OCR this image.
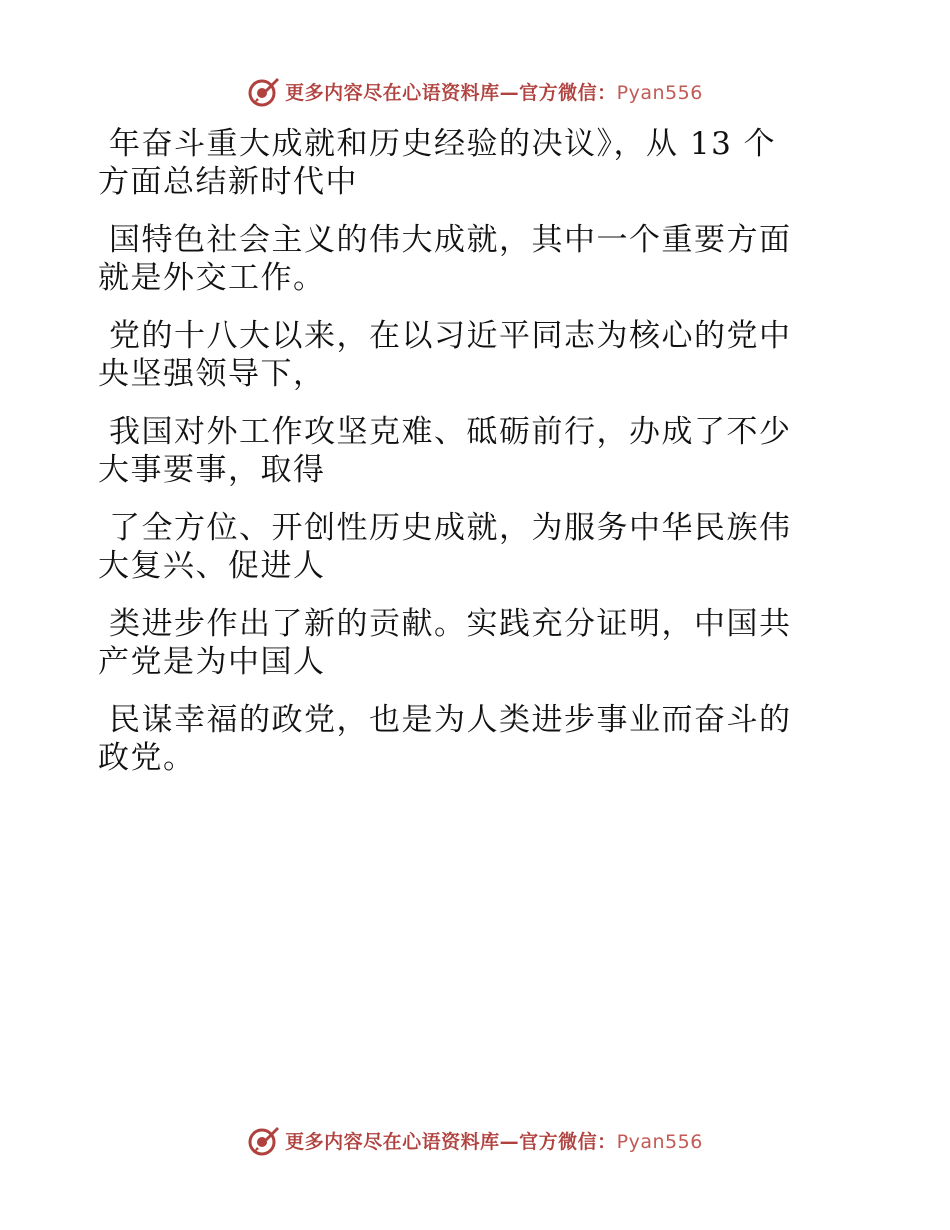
更多内容尽在心语资料库—官方微信：Pyan556
年奋斗重大成就和历史经验的决议》，从 13 个
方面总结新时代中
国特色社会主义的伟大成就，其中一个重要方面
就是外交工作。
党的十八大以来，在以习近平同志为核心的党中
央坚强领导下，
我国对外工作攻坚克难、砥砺前行，办成了不少
大事要事，取得
了全方位、开创性历史成就，为服务中华民族伟
大复兴、促进人
类进步作出了新的贡献。实践充分证明，中国共
产党是为中国人
民谋幸福的政党，也是为人类进步事业而奋斗的
政党。
更多内容尽在心语资料库—官方微信：Pyan556
